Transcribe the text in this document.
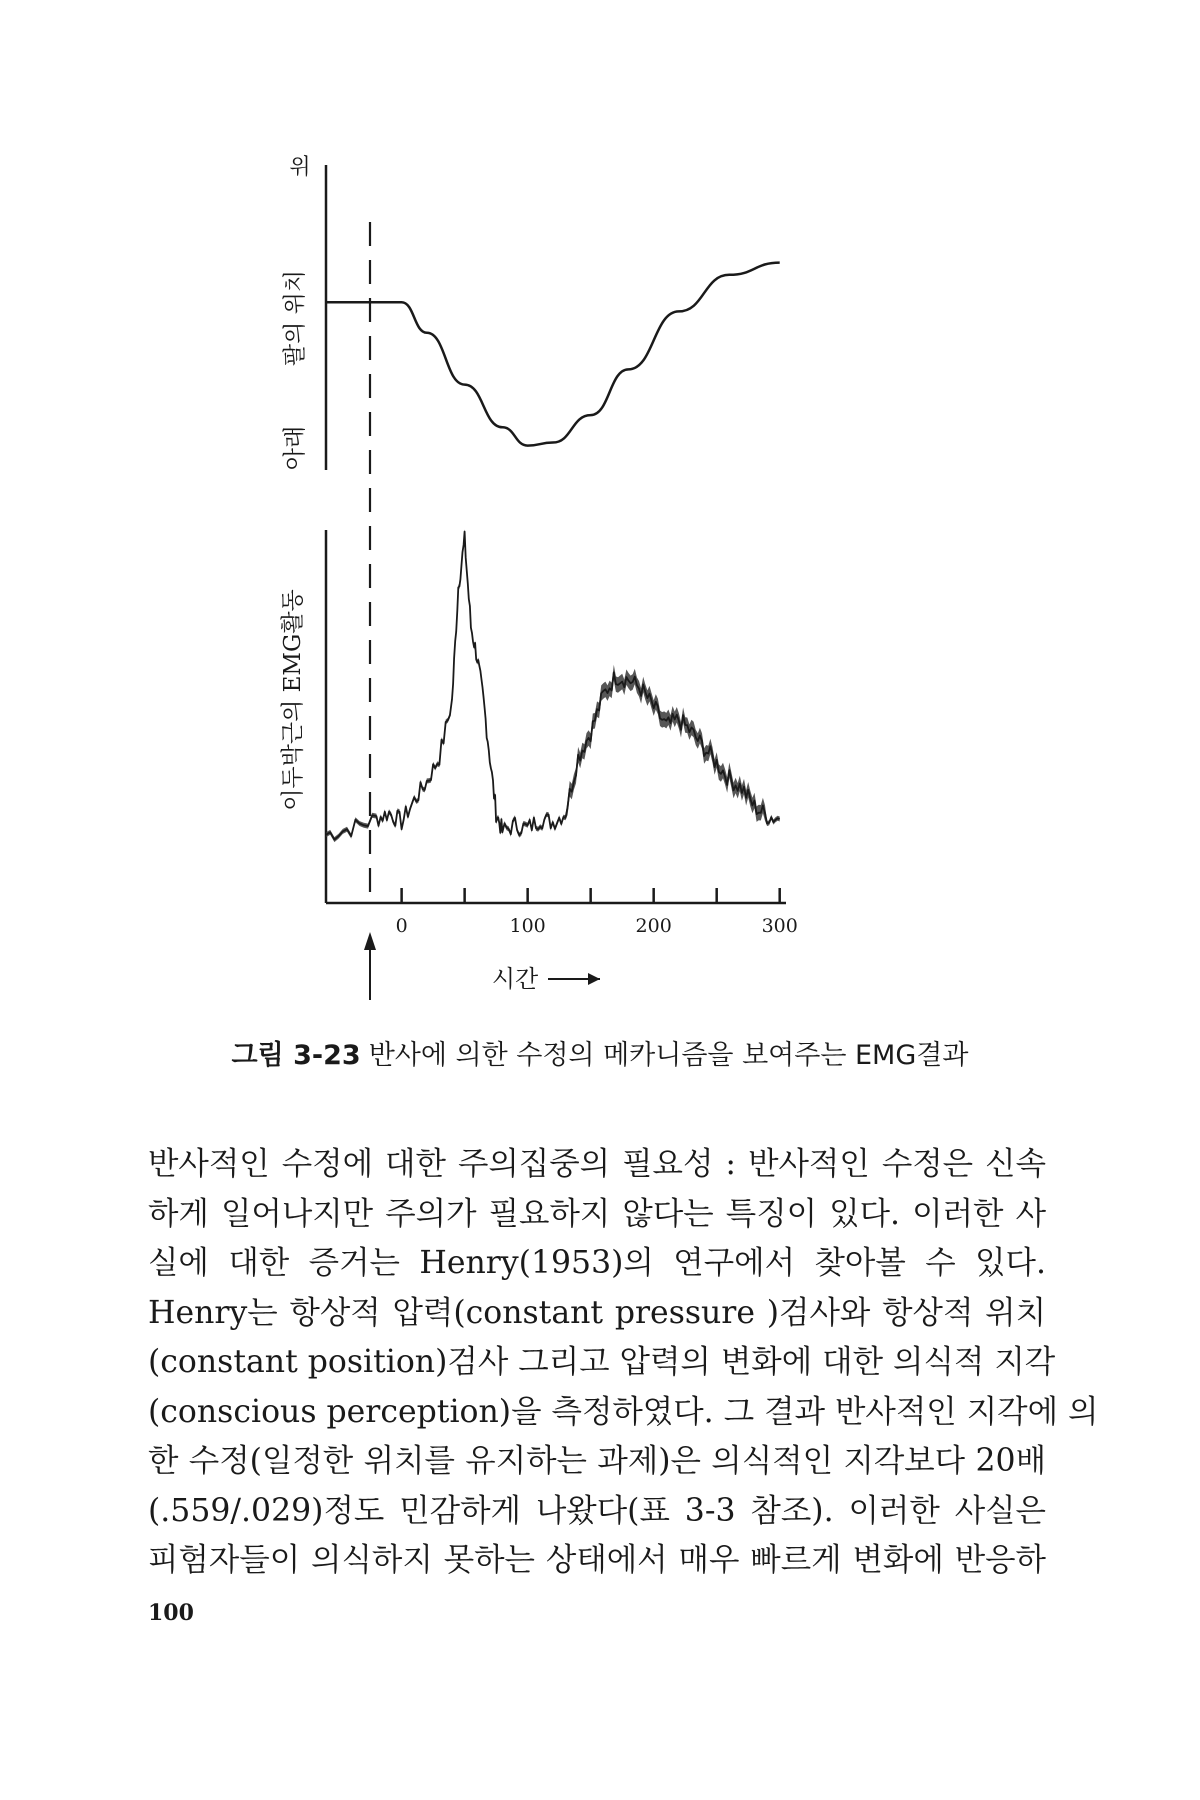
위
팔의 위치
아래
이두박근의 EMG활동
0	100	200	300
시간
그림 3-23 반사에 의한 수정의 메카니즘을 보여주는 EMG결과
반사적인 수정에 대한 주의집중의 필요성 : 반사적인 수정은 신속
하게 일어나지만 주의가 필요하지 않다는 특징이 있다. 이러한 사
실에 대한 증거는 Henry(1953)의 연구에서 찾아볼 수 있다.
Henry는 항상적 압력(constant pressure )검사와 항상적 위치
(constant position)검사 그리고 압력의 변화에 대한 의식적 지각
(conscious perception)을 측정하였다. 그 결과 반사적인 지각에 의
한 수정(일정한 위치를 유지하는 과제)은 의식적인 지각보다 20배
(.559/.029)정도 민감하게 나왔다(표 3-3 참조). 이러한 사실은
피험자들이 의식하지 못하는 상태에서 매우 빠르게 변화에 반응하
100
